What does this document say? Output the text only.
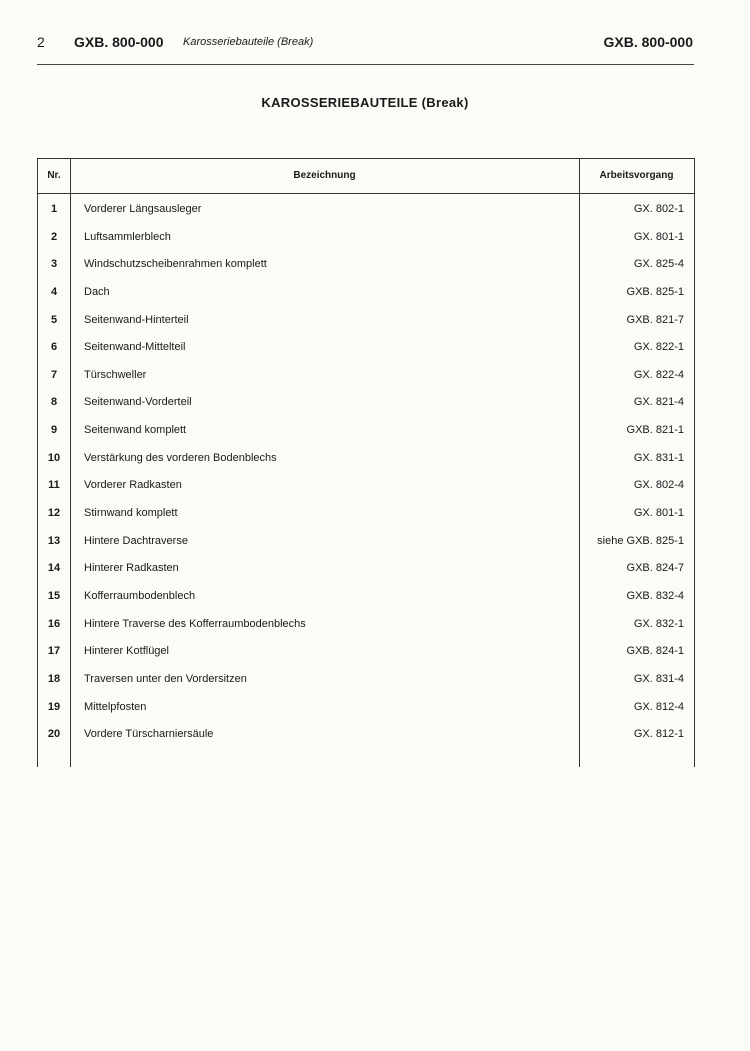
2 GXB. 800-000 Karosseriebauteile (Break)	GXB. 800-000
KAROSSERIEBAUTEILE (Break)
Nr.	Bezeichnung	Arbeitsvorgang
1	Vorderer Längsausleger	GX. 802-1
2	Luftsammlerblech	GX. 801-1
3	Windschutzscheibenrahmen komplett	GX. 825-4
4	Dach	GXB. 825-1
5	Seitenwand-Hinterteil	GXB. 821-7
6	Seitenwand-Mittelteil	GX. 822-1
7	Türschweller	GX. 822-4
8	Seitenwand-Vorderteil	GX. 821-4
9	Seitenwand komplett	GXB. 821-1
10	Verstärkung des vorderen Bodenblechs	GX. 831-1
11	Vorderer Radkasten	GX. 802-4
12	Stirnwand komplett	GX. 801-1
13	Hintere Dachtraverse	siehe GXB. 825-1
14	Hinterer Radkasten	GXB. 824-7
15	Kofferraumbodenblech	GXB. 832-4
16	Hintere Traverse des Kofferraumbodenblechs	GX. 832-1
17	Hinterer Kotflügel	GXB. 824-1
18	Traversen unter den Vordersitzen	GX. 831-4
19	Mittelpfosten	GX. 812-4
20	Vordere Türscharniersäule	GX. 812-1
